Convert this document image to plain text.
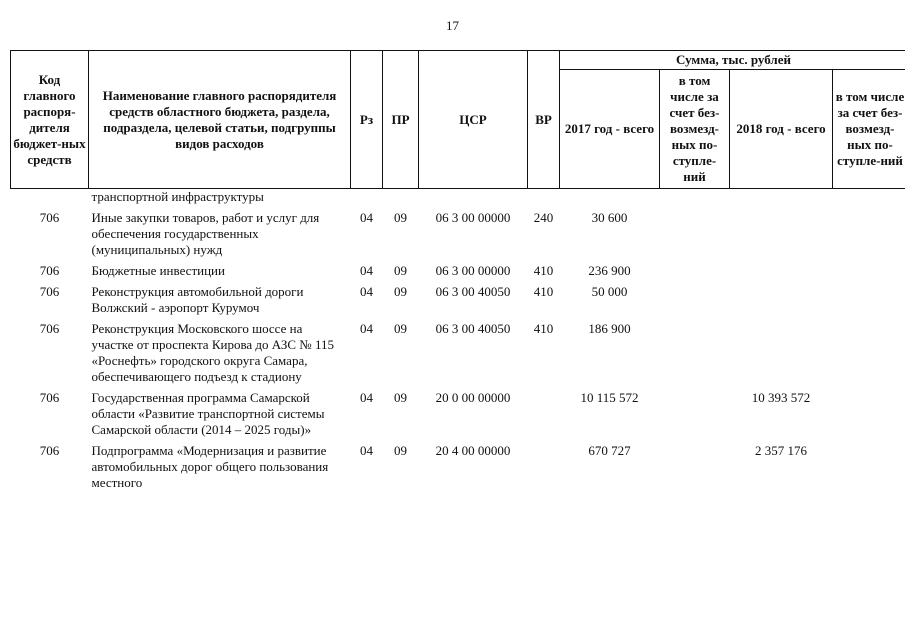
17
Код главного распоря-дителя бюджет-ных средств	Наименование главного распорядителя средств областного бюджета, раздела, подраздела, целевой статьи, подгруппы видов расходов	Рз	ПР	ЦСР	ВР	Сумма, тыс. рублей			
						2017 год - всего	в том числе за счет без-возмезд-ных по-ступле-ний	2018 год - всего	в том числе за счет без-возмезд-ных по-ступле-ний
	транспортной инфраструктуры								
706	Иные закупки товаров, работ и услуг для обеспечения государственных (муниципальных) нужд	04	09	06 3 00 00000	240	30 600			
706	Бюджетные инвестиции	04	09	06 3 00 00000	410	236 900			
706	Реконструкция автомобильной дороги Волжский - аэропорт Курумоч	04	09	06 3 00 40050	410	50 000			
706	Реконструкция Московского шоссе на участке от проспекта Кирова до АЗС № 115 «Роснефть» городского округа Самара, обеспечивающего подъезд к стадиону	04	09	06 3 00 40050	410	186 900			
706	Государственная программа Самарской области «Развитие транспортной системы Самарской области (2014 – 2025 годы)»	04	09	20 0 00 00000		10 115 572		10 393 572	
706	Подпрограмма «Модернизация и развитие автомобильных дорог общего пользования местного	04	09	20 4 00 00000		670 727		2 357 176	
